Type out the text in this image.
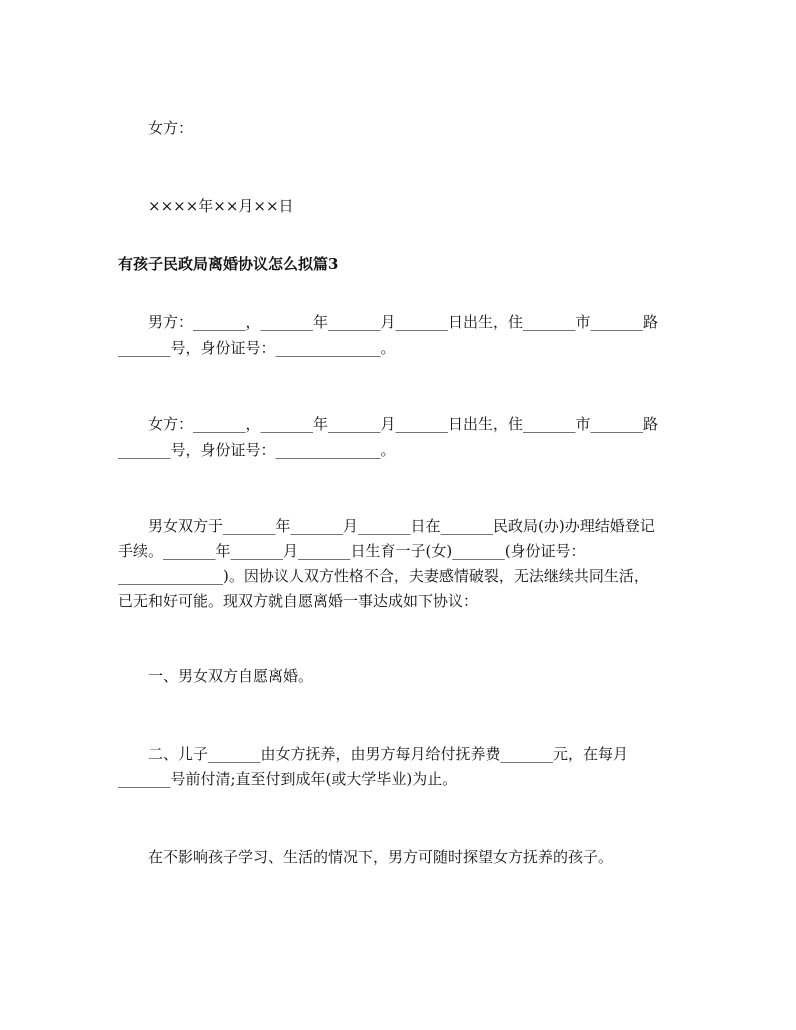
　　女方：
　　××××年××月××日
有孩子民政局离婚协议怎么拟篇3
　　男方：_______，_______年_______月_______日出生，住_______市_______路
_______号，身份证号：______________。
　　女方：_______，_______年_______月_______日出生，住_______市_______路
_______号，身份证号：______________。
　　男女双方于_______年_______月_______日在_______民政局(办)办理结婚登记
手续。_______年_______月_______日生育一子(女)_______(身份证号：
______________)。因协议人双方性格不合，夫妻感情破裂，无法继续共同生活，
已无和好可能。现双方就自愿离婚一事达成如下协议：
　　一、男女双方自愿离婚。
　　二、儿子_______由女方抚养，由男方每月给付抚养费_______元，在每月
_______号前付清;直至付到成年(或大学毕业)为止。
　　在不影响孩子学习、生活的情况下，男方可随时探望女方抚养的孩子。
